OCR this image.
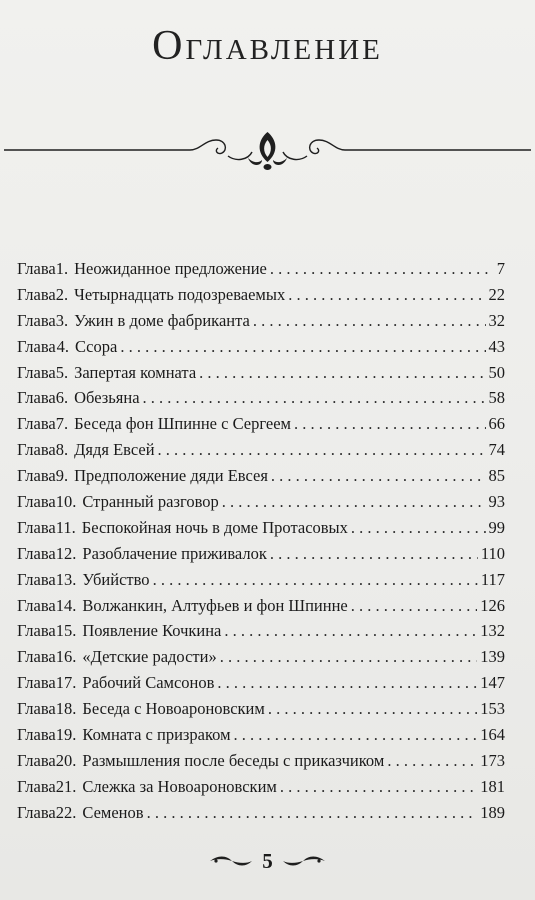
Оглавление
Глава 1. Неожиданное предложение . . .	7
Глава 2. Четырнадцать подозреваемых . . .	22
Глава 3. Ужин в доме фабриканта . . .	32
Глава 4. Ссора . . .	43
Глава 5. Запертая комната . . .	50
Глава 6. Обезьяна . . .	58
Глава 7. Беседа фон Шпинне с Сергеем . . .	66
Глава 8. Дядя Евсей . . .	74
Глава 9. Предположение дяди Евсея . . .	85
Глава 10. Странный разговор . . .	93
Глава 11. Беспокойная ночь в доме Протасовых . . .	99
Глава 12. Разоблачение приживалок . . .	110
Глава 13. Убийство . . .	117
Глава 14. Волжанкин, Алтуфьев и фон Шпинне . . .	126
Глава 15. Появление Кочкина . . .	132
Глава 16. «Детские радости» . . .	139
Глава 17. Рабочий Самсонов . . .	147
Глава 18. Беседа с Новоароновским . . .	153
Глава 19. Комната с призраком . . .	164
Глава 20. Размышления после беседы с приказчиком . . .	173
Глава 21. Слежка за Новоароновским . . .	181
Глава 22. Семенов . . .	189
5
